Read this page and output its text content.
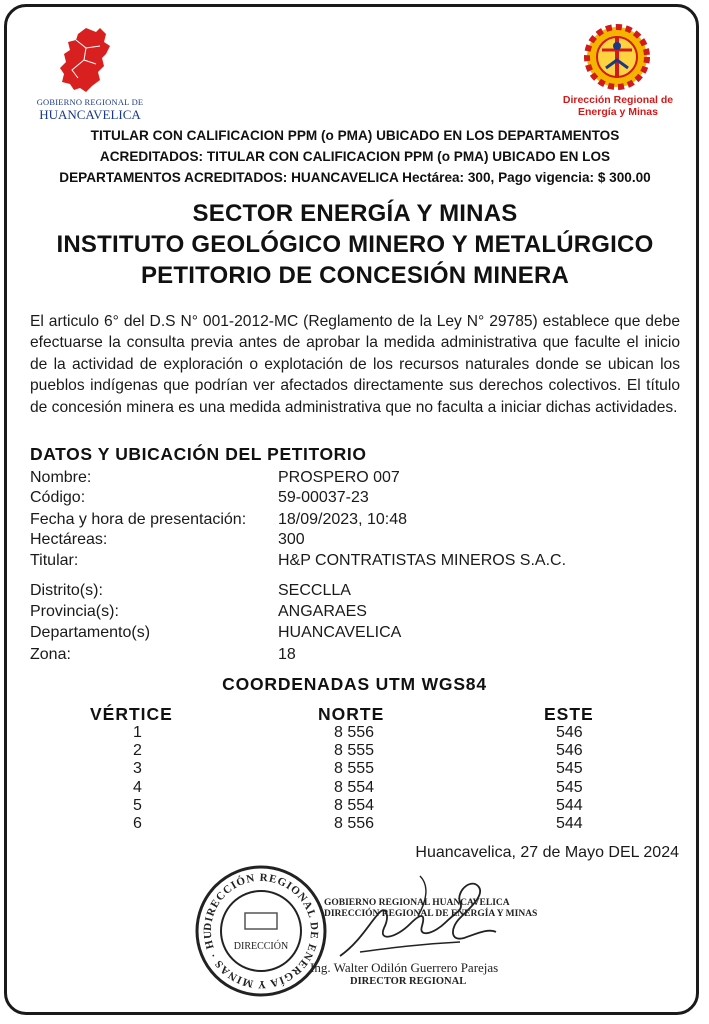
GOBIERNO REGIONAL DE
HUANCAVELICA
Dirección Regional de
Energía y Minas
TITULAR CON CALIFICACION PPM (o PMA) UBICADO EN LOS DEPARTAMENTOS
ACREDITADOS: TITULAR CON CALIFICACION PPM (o PMA) UBICADO EN LOS
DEPARTAMENTOS ACREDITADOS: HUANCAVELICA Hectárea: 300, Pago vigencia: $ 300.00
SECTOR ENERGÍA Y MINAS
INSTITUTO GEOLÓGICO MINERO Y METALÚRGICO
PETITORIO DE CONCESIÓN MINERA
El articulo 6° del D.S N° 001-2012-MC (Reglamento de la Ley N° 29785) establece que debe efectuarse la consulta previa antes de aprobar la medida administrativa que faculte el inicio de la actividad de exploración o explotación de los recursos naturales donde se ubican los pueblos indígenas que podrían ver afectados directamente sus derechos colectivos. El título de concesión minera es una medida administrativa que no faculta a iniciar dichas actividades.
DATOS Y UBICACIÓN DEL PETITORIO
Nombre:	PROSPERO 007
Código:	59-00037-23
Fecha y hora de presentación: 18/09/2023, 10:48
Hectáreas:	300
Titular:	H&P CONTRATISTAS MINEROS S.A.C.
Distrito(s):	SECCLLA
Provincia(s):	ANGARAES
Departamento(s)	HUANCAVELICA
Zona:	18
COORDENADAS UTM WGS84
VÉRTICE	NORTE	ESTE
1	8 556	546
2	8 555	546
3	8 555	545
4	8 554	545
5	8 554	544
6	8 556	544
Huancavelica, 27 de Mayo DEL 2024
DIRECCIÓN REGIONAL DE ENERGÍA Y MINAS · HU
DIRECCIÓN
GOBIERNO REGIONAL HUANCAVELICA
DIRECCIÓN REGIONAL DE ENERGÍA Y MINAS
Ing. Walter Odilón Guerrero Parejas
DIRECTOR REGIONAL
